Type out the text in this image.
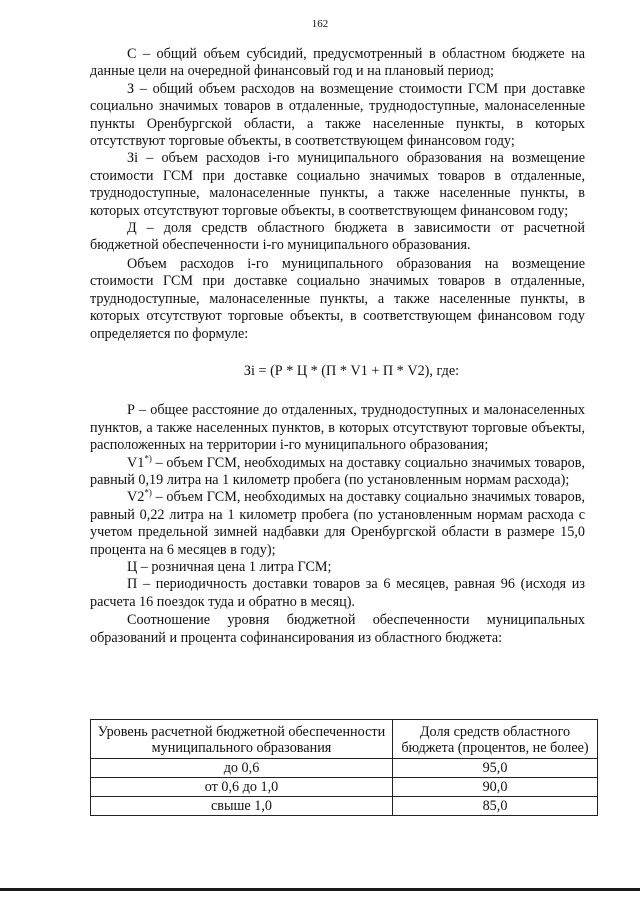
162

С – общий объем субсидий, предусмотренный в областном бюджете на данные цели на очередной финансовый год и на плановый период;

З – общий объем расходов на возмещение стоимости ГСМ при доставке социально значимых товаров в отдаленные, труднодоступные, малонаселенные пункты Оренбургской области, а также населенные пункты, в которых отсутствуют торговые объекты, в соответствующем финансовом году;

Зі – объем расходов і-го муниципального образования на возмещение стоимости ГСМ при доставке социально значимых товаров в отдаленные, труднодоступные, малонаселенные пункты, а также населенные пункты, в которых отсутствуют торговые объекты, в соответствующем финансовом году;

Д – доля средств областного бюджета в зависимости от расчетной бюджетной обеспеченности і-го муниципального образования.

Объем расходов і-го муниципального образования на возмещение стоимости ГСМ при доставке социально значимых товаров в отдаленные, труднодоступные, малонаселенные пункты, а также населенные пункты, в которых отсутствуют торговые объекты, в соответствующем финансовом году определяется по формуле:

Зі = (Р * Ц * (П * V1 + П * V2), где:

Р – общее расстояние до отдаленных, труднодоступных и малонаселенных пунктов, а также населенных пунктов, в которых отсутствуют торговые объекты, расположенных на территории і-го муниципального образования;

V1*) – объем ГСМ, необходимых на доставку социально значимых товаров, равный 0,19 литра на 1 километр пробега (по установленным нормам расхода);

V2*) – объем ГСМ, необходимых на доставку социально значимых товаров, равный 0,22 литра на 1 километр пробега (по установленным нормам расхода с учетом предельной зимней надбавки для Оренбургской области в размере 15,0 процента на 6 месяцев в году);

Ц – розничная цена 1 литра ГСМ;

П – периодичность доставки товаров за 6 месяцев, равная 96 (исходя из расчета 16 поездок туда и обратно в месяц).

Соотношение уровня бюджетной обеспеченности муниципальных образований и процента софинансирования из областного бюджета:

Уровень расчетной бюджетной обеспеченности муниципального образования	Доля средств областного бюджета (процентов, не более)
до 0,6	95,0
от 0,6 до 1,0	90,0
свыше 1,0	85,0
